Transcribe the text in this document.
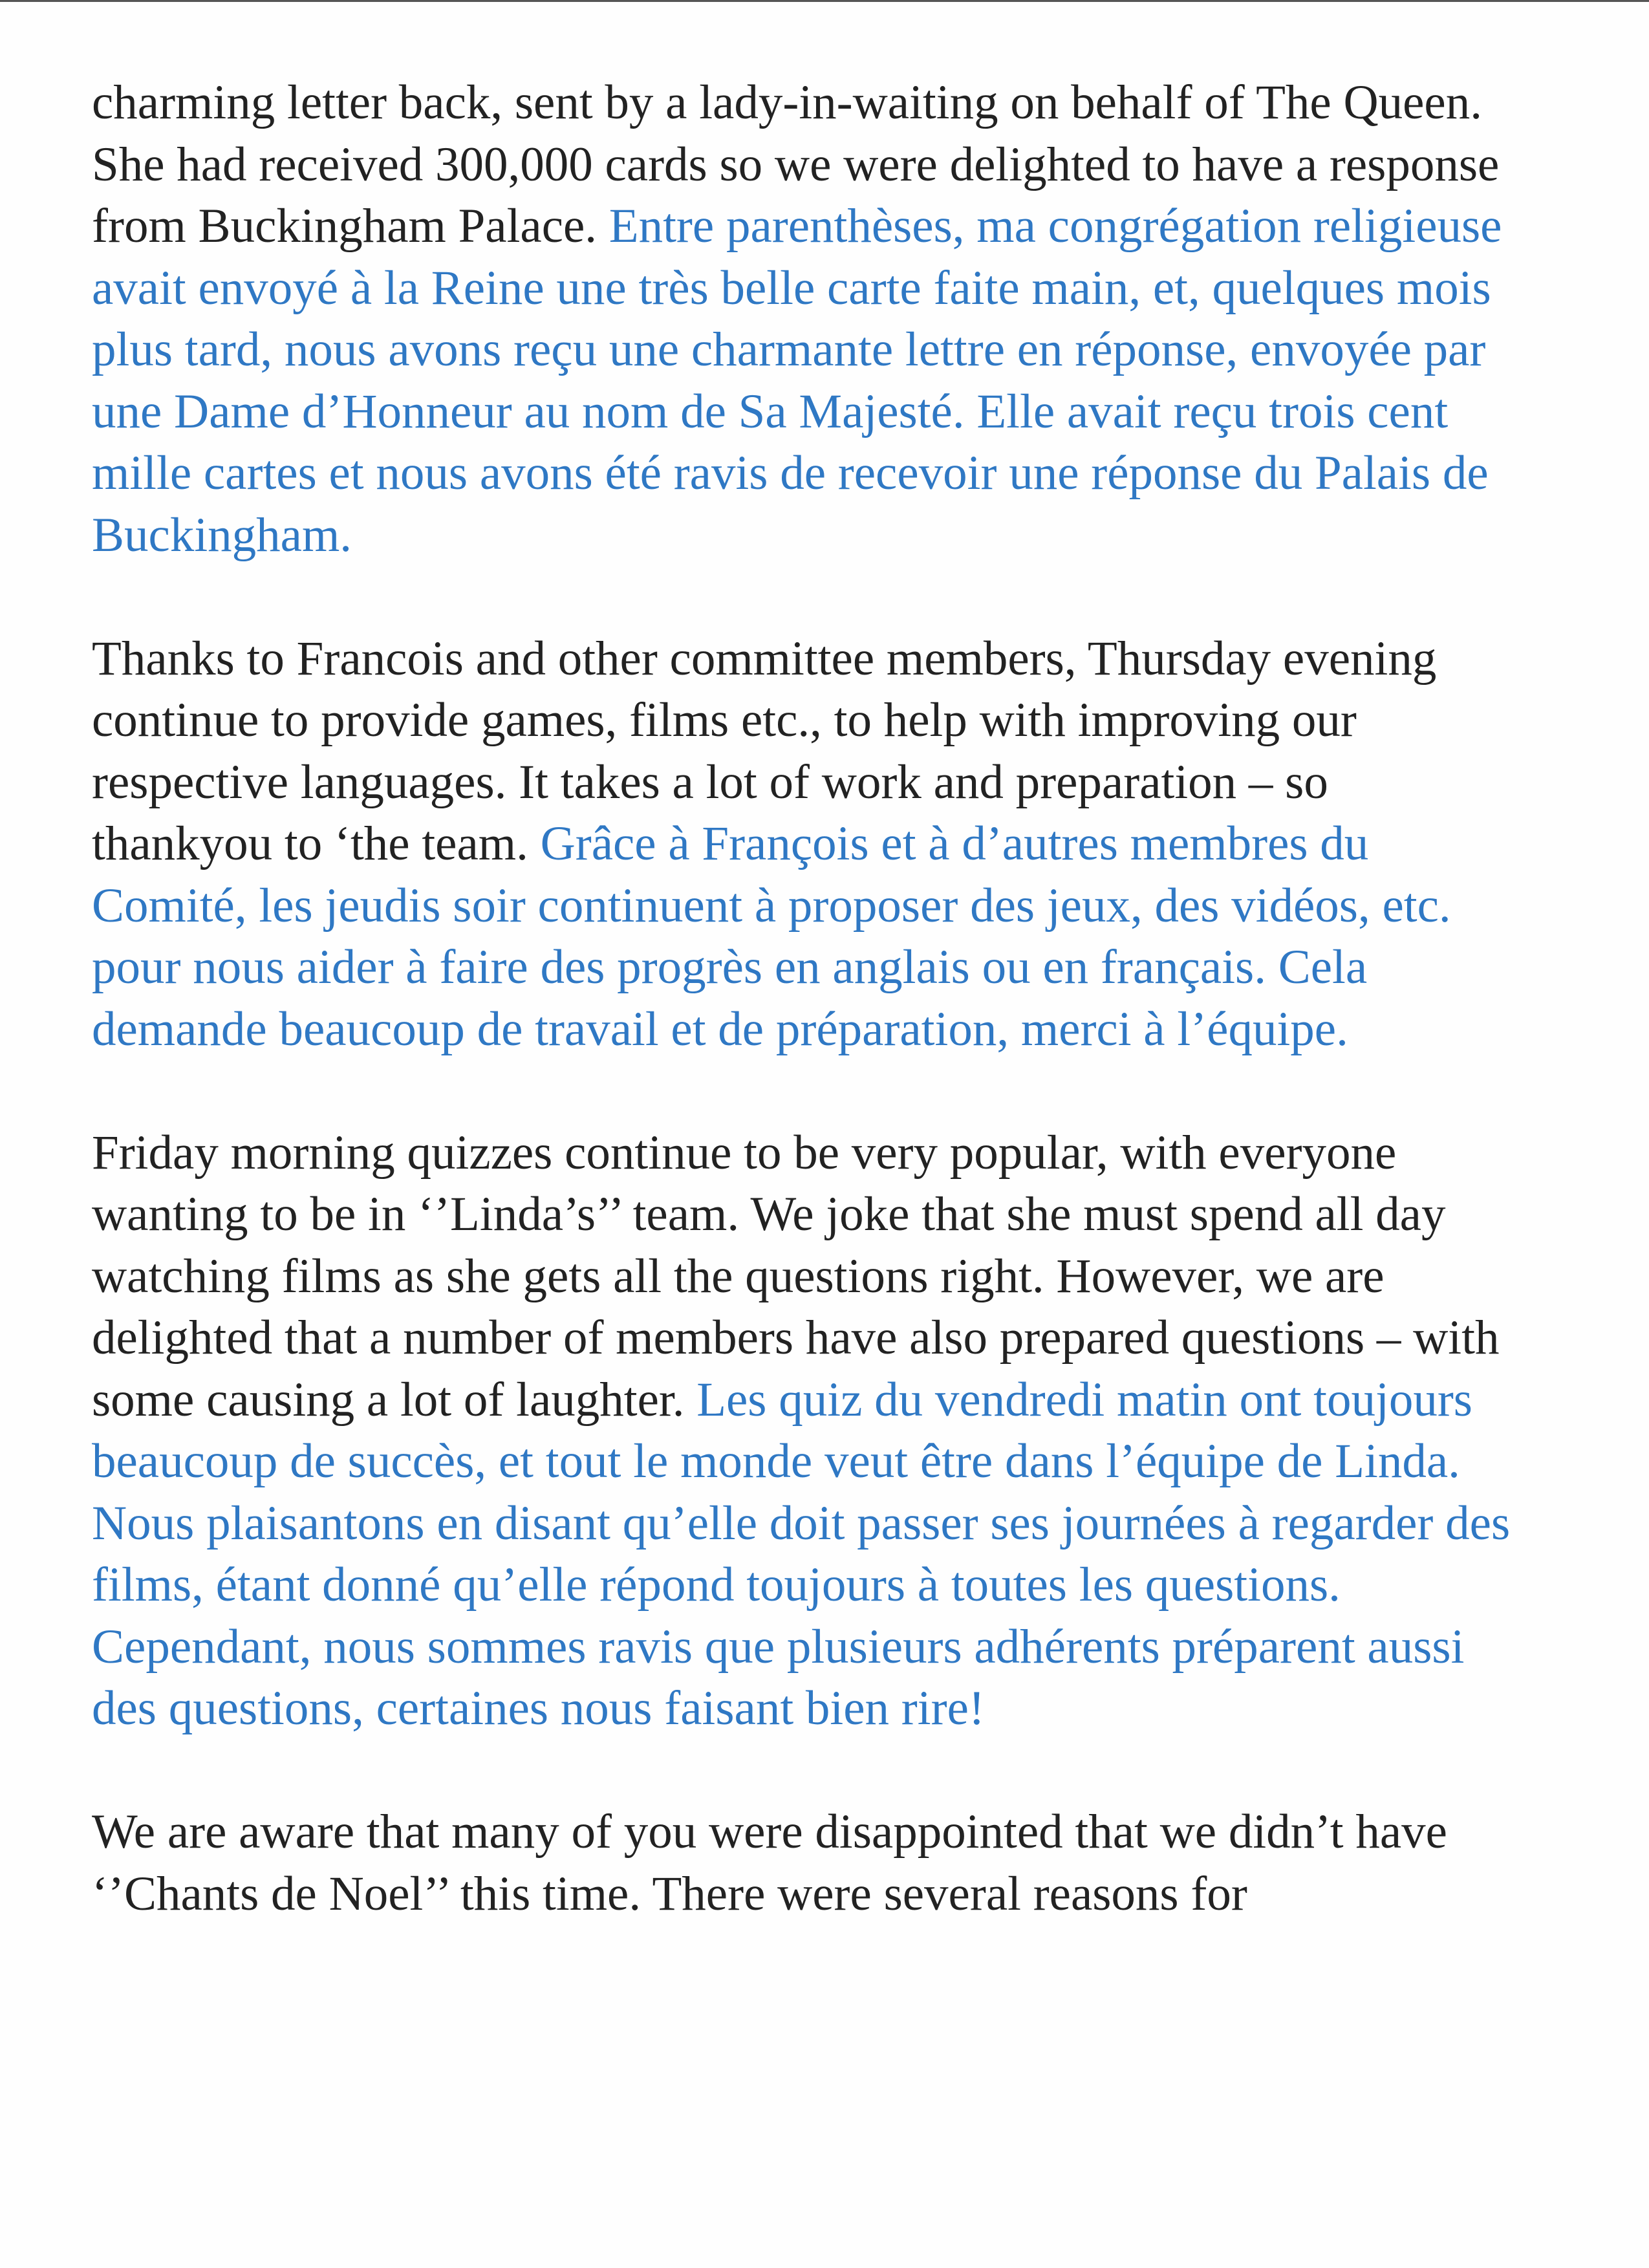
charming letter back, sent by a lady-in-waiting on behalf of The Queen. She had received 300,000 cards so we were delighted to have a response from Buckingham Palace. Entre parenthèses, ma congrégation religieuse avait envoyé à la Reine une très belle carte faite main, et, quelques mois plus tard, nous avons reçu une charmante lettre en réponse, envoyée par une Dame d’Honneur au nom de Sa Majesté. Elle avait reçu trois cent mille cartes et nous avons été ravis de recevoir une réponse du Palais de Buckingham.

Thanks to Francois and other committee members, Thursday evening continue to provide games, films etc., to help with improving our respective languages. It takes a lot of work and preparation – so thankyou to ‘the team. Grâce à François et à d’autres membres du Comité, les jeudis soir continuent à proposer des jeux, des vidéos, etc. pour nous aider à faire des progrès en anglais ou en français. Cela demande beaucoup de travail et de préparation, merci à l’équipe.

Friday morning quizzes continue to be very popular, with everyone wanting to be in ‘’Linda’s’’ team. We joke that she must spend all day watching films as she gets all the questions right. However, we are delighted that a number of members have also prepared questions – with some causing a lot of laughter. Les quiz du vendredi matin ont toujours beaucoup de succès, et tout le monde veut être dans l’équipe de Linda. Nous plaisantons en disant qu’elle doit passer ses journées à regarder des films, étant donné qu’elle répond toujours à toutes les questions. Cependant, nous sommes ravis que plusieurs adhérents préparent aussi des questions, certaines nous faisant bien rire!

We are aware that many of you were disappointed that we didn’t have ‘’Chants de Noel’’ this time. There were several reasons for
